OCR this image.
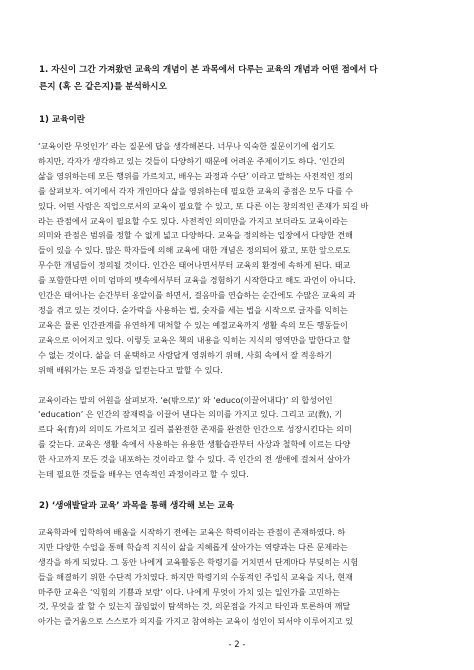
1. 자신이 그간 가져왔던 교육의 개념이 본 과목에서 다루는 교육의 개념과 어떤 점에서 다
른지 (혹 은 같은지)를 분석하시오
1) 교육이란
‘교육이란 무엇인가’ 라는 질문에 답을 생각해본다. 너무나 익숙한 질문이기에 쉽기도
하지만, 각자가 생각하고 있는 것들이 다양하기 때문에 어려운 주제이기도 하다. ‘인간의
삶을 영위하는데 모든 행위를 가르치고, 배우는 과정과 수단’ 이라고 말하는 사전적인 정의
를 살펴보자. 여기에서 각자 개인마다 삶을 영위하는데 필요한 교육의 중점은 모두 다를 수
있다. 어떤 사람은 직업으로서의 교육이 필요할 수 있고, 또 다른 이는 창의적인 존재가 되길 바
라는 관점에서 교육이 필요할 수도 있다. 사전적인 의미만을 가지고 보더라도 교육이라는
의미와 관점은 범위를 정할 수 없게 넓고 다양하다. 교육을 정의하는 입장에서 다양한 견해
들이 있을 수 있다. 많은 학자들에 의해 교육에 대한 개념은 정의되어 왔고, 또한 앞으로도
무수한 개념들이 정의될 것이다. 인간은 태어나면서부터 교육의 환경에 속하게 된다. 태교
를 포함한다면 이미 엄마의 뱃속에서부터 교육을 경험하기 시작한다고 해도 과언이 아니다.
인간은 태어나는 순간부터 옹알이를 하면서, 걸음마를 연습하는 순간에도 수많은 교육의 과
정을 겪고 있는 것이다. 숟가락을 사용하는 법, 숫자를 세는 법을 시작으로 글자를 익히는
교육은 물론 인간관계를 유연하게 대처할 수 있는 예절교육까지 생활 속의 모든 행동들이
교육으로 이어지고 있다. 이렇듯 교육은 책의 내용을 익히는 지식의 영역만을 말한다고 할
수 없는 것이다. 삶을 더 윤택하고 사람답게 영위하기 위해, 사회 속에서 잘 적응하기
위해 배워가는 모든 과정을 일컫는다고 말할 수 있다.
교육이라는 말의 어원을 살펴보자. ‘e(밖으로)’ 와 ‘educo(이끌어내다)’ 의 합성어인
‘education’ 은 인간의 잠재력을 이끌어 낸다는 의미를 가지고 있다. 그리고 교(敎), 기
르다 육(育)의 의미도 가르치고 길러 불완전한 존재를 완전한 인간으로 성장시킨다는 의미
를 갖는다. 교육은 생활 속에서 사용하는 유용한 생활습관부터 사상과 철학에 이르는 다양
한 사고까지 모든 것을 내포하는 것이라고 할 수 있다. 즉 인간의 전 생애에 걸쳐서 살아가
는데 필요한 것들을 배우는 연속적인 과정이라고 할 수 있다.
2) ‘생애발달과 교육’ 과목을 통해 생각해 보는 교육
교육학과에 입학하여 배움을 시작하기 전에는 교육은 학력이라는 관점이 존재하였다. 하
지만 다양한 수업을 통해 학습적 지식이 삶을 지혜롭게 살아가는 역량과는 다른 문제라는
생각을 하게 되었다. 그 동안 나에게 교육활동은 학령기를 거치면서 단계마다 부딪히는 시험
들을 해결하기 위한 수단적 가치였다. 하지만 학령기의 수동적인 주입식 교육을 지나, 현재
마주한 교육은 ‘익힘의 기쁨과 보람’ 이다. 나에게 무엇이 가치 있는 일인가를 고민하는
것, 무엇을 잘 할 수 있는지 끊임없이 탐색하는 것, 의문점을 가지고 타인과 토론하며 깨달
아가는 즐거움으로 스스로가 의지를 가지고 참여하는 교육이 성인이 되서야 이루어지고 있
- 2 -
